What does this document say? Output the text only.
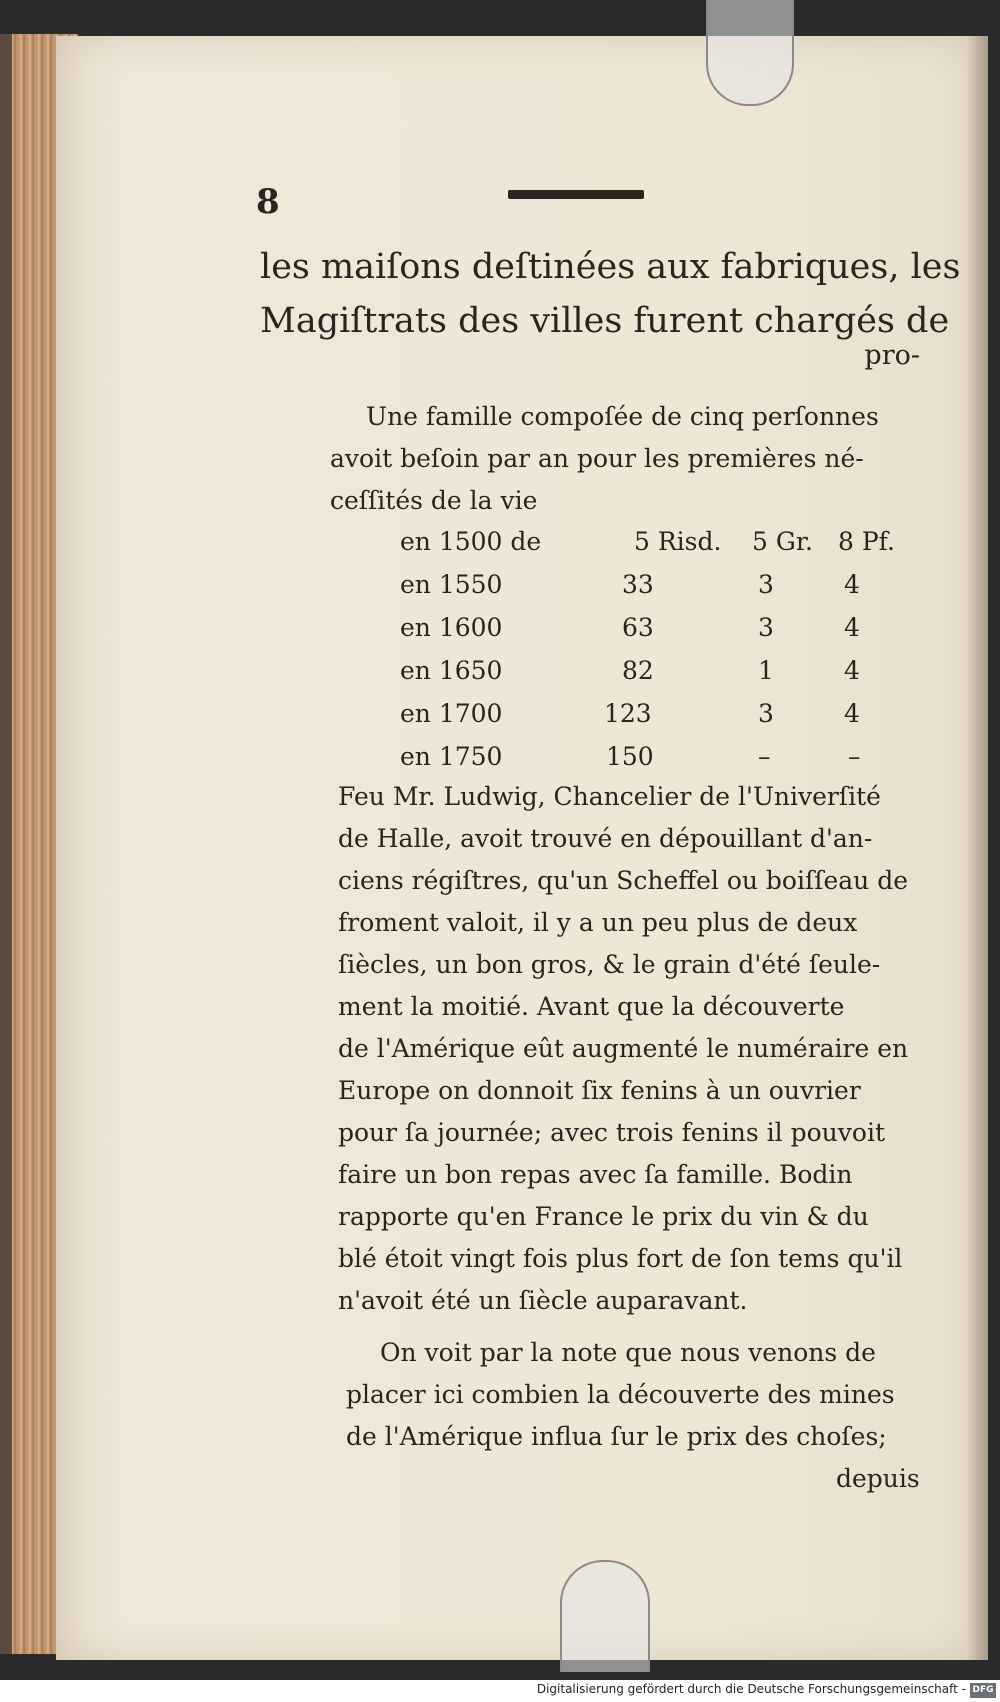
8

les maiſons deſtinées aux fabriques, les

Magiſtrats des villes furent chargés de

pro-

Une famille compoſée de cinq perſonnes

avoit beſoin par an pour les premières né-

ceſſités de la vie

en 1500 de	5 Risd. 5 Gr. 8 Pf.
en 1550	33	3	4
en 1600	63	3	4
en 1650	82	1	4
en 1700	123	3	4
en 1750	150	–	–

Feu Mr. Ludwig, Chancelier de l'Univerſité

de Halle, avoit trouvé en dépouillant d'an-

ciens régiſtres, qu'un Scheffel ou boiſſeau de

froment valoit, il y a un peu plus de deux

ſiècles, un bon gros, & le grain d'été ſeule-

ment la moitié. Avant que la découverte

de l'Amérique eût augmenté le numéraire en

Europe on donnoit ſix fenins à un ouvrier

pour ſa journée; avec trois fenins il pouvoit

faire un bon repas avec ſa famille. Bodin

rapporte qu'en France le prix du vin & du

blé étoit vingt fois plus fort de ſon tems qu'il

n'avoit été un ſiècle auparavant.

On voit par la note que nous venons de

placer ici combien la découverte des mines

de l'Amérique influa ſur le prix des choſes;

depuis

Digitalisierung gefördert durch die Deutsche Forschungsgemeinschaft - DFG
